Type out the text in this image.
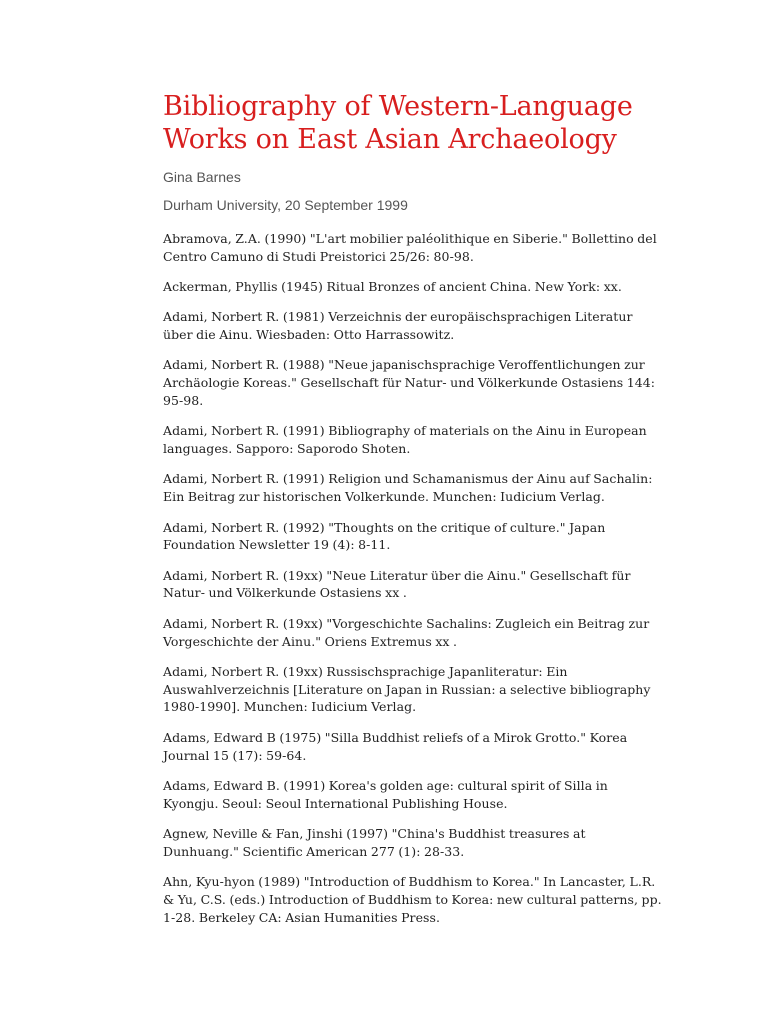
Bibliography of Western-Language Works on East Asian Archaeology
Gina Barnes
Durham University, 20 September 1999

Abramova, Z.A. (1990) "L'art mobilier paléolithique en Siberie." Bollettino del Centro Camuno di Studi Preistorici 25/26: 80-98.

Ackerman, Phyllis (1945) Ritual Bronzes of ancient China. New York: xx.

Adami, Norbert R. (1981) Verzeichnis der europäischsprachigen Literatur über die Ainu. Wiesbaden: Otto Harrassowitz.

Adami, Norbert R. (1988) "Neue japanischsprachige Veroffentlichungen zur Archäologie Koreas." Gesellschaft für Natur- und Völkerkunde Ostasiens 144: 95-98.

Adami, Norbert R. (1991) Bibliography of materials on the Ainu in European languages. Sapporo: Saporodo Shoten.

Adami, Norbert R. (1991) Religion und Schamanismus der Ainu auf Sachalin: Ein Beitrag zur historischen Volkerkunde. Munchen: Iudicium Verlag.

Adami, Norbert R. (1992) "Thoughts on the critique of culture." Japan Foundation Newsletter 19 (4): 8-11.

Adami, Norbert R. (19xx) "Neue Literatur über die Ainu." Gesellschaft für Natur- und Völkerkunde Ostasiens xx .

Adami, Norbert R. (19xx) "Vorgeschichte Sachalins: Zugleich ein Beitrag zur Vorgeschichte der Ainu." Oriens Extremus xx .

Adami, Norbert R. (19xx) Russischsprachige Japanliteratur: Ein Auswahlverzeichnis [Literature on Japan in Russian: a selective bibliography 1980-1990]. Munchen: Iudicium Verlag.

Adams, Edward B (1975) "Silla Buddhist reliefs of a Mirok Grotto." Korea Journal 15 (17): 59-64.

Adams, Edward B. (1991) Korea's golden age: cultural spirit of Silla in Kyongju. Seoul: Seoul International Publishing House.

Agnew, Neville & Fan, Jinshi (1997) "China's Buddhist treasures at Dunhuang." Scientific American 277 (1): 28-33.

Ahn, Kyu-hyon (1989) "Introduction of Buddhism to Korea." In Lancaster, L.R. & Yu, C.S. (eds.) Introduction of Buddhism to Korea: new cultural patterns, pp. 1-28. Berkeley CA: Asian Humanities Press.
